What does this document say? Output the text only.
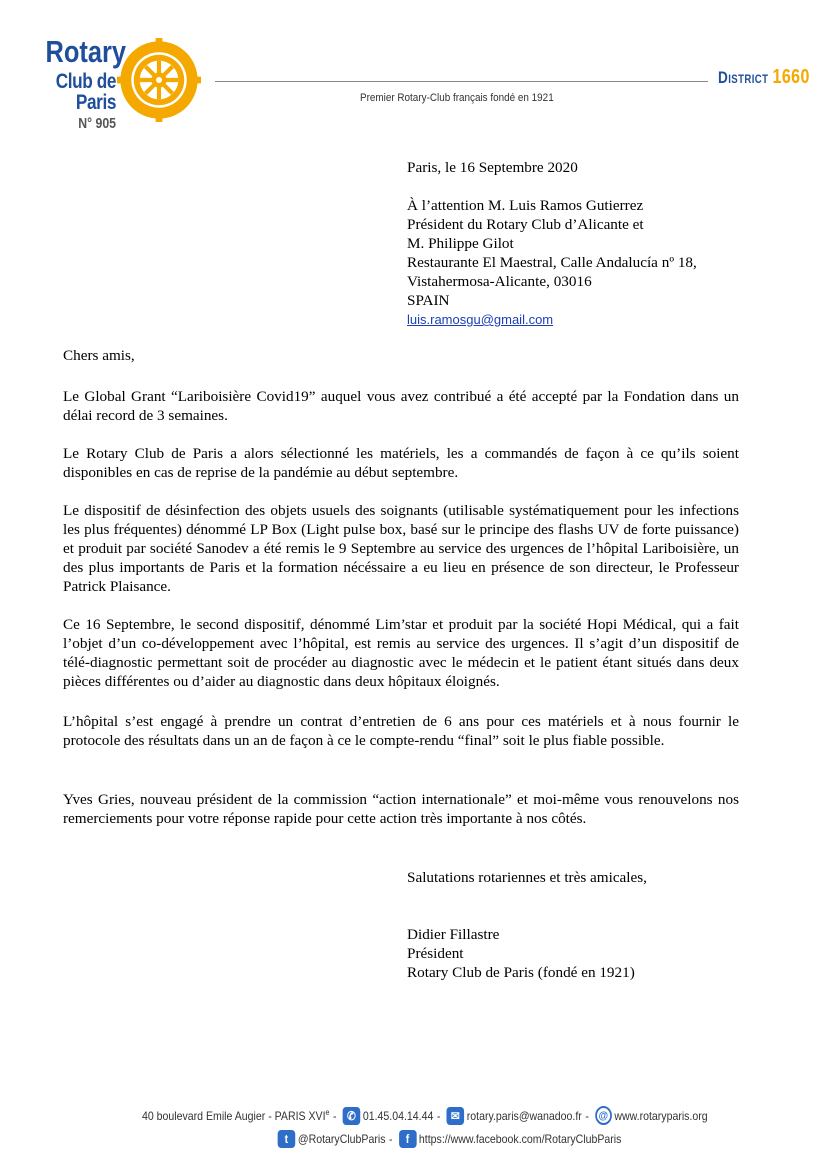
Rotary
Club de Paris
N° 905
Premier Rotary-Club français fondé en 1921
District 1660
Paris, le 16 Septembre 2020
À l’attention M. Luis Ramos Gutierrez
Président du Rotary Club d’Alicante et
M. Philippe Gilot
Restaurante El Maestral, Calle Andalucía nº 18,
Vistahermosa-Alicante, 03016
SPAIN
luis.ramosgu@gmail.com
Chers amis,

Le Global Grant “Lariboisière Covid19” auquel vous avez contribué a été accepté par la Fondation dans un délai record de 3 semaines.

Le Rotary Club de Paris a alors sélectionné les matériels, les a commandés de façon à ce qu’ils soient disponibles en cas de reprise de la pandémie au début septembre.

Le dispositif de désinfection des objets usuels des soignants (utilisable systématiquement pour les infections les plus fréquentes) dénommé LP Box (Light pulse box, basé sur le principe des flashs UV de forte puissance) et produit par société Sanodev a été remis le 9 Septembre au service des urgences de l’hôpital Lariboisière, un des plus importants de Paris et la formation nécéssaire a eu lieu en présence de son directeur, le Professeur Patrick Plaisance.

Ce 16 Septembre, le second dispositif, dénommé Lim’star et produit par la société Hopi Médical, qui a fait l’objet d’un co-développement avec l’hôpital, est remis au service des urgences. Il s’agit d’un dispositif de télé-diagnostic permettant soit de procéder au diagnostic avec le médecin et le patient étant situés dans deux pièces différentes ou d’aider au diagnostic dans deux hôpitaux éloignés.

L’hôpital s’est engagé à prendre un contrat d’entretien de 6 ans pour ces matériels et à nous fournir le protocole des résultats dans un an de façon à ce le compte-rendu “final” soit le plus fiable possible.

Yves Gries, nouveau président de la commission “action internationale” et moi-même vous renouvelons nos remerciements pour votre réponse rapide pour cette action très importante à nos côtés.

Salutations rotariennes et très amicales,
Didier Fillastre
Président
Rotary Club de Paris (fondé en 1921)
40 boulevard Emile Augier - PARIS XVIe - ✆ 01.45.04.14.44 - ✉ rotary.paris@wanadoo.fr - @ www.rotaryparis.org
t @RotaryClubParis -	f https://www.facebook.com/RotaryClubParis
